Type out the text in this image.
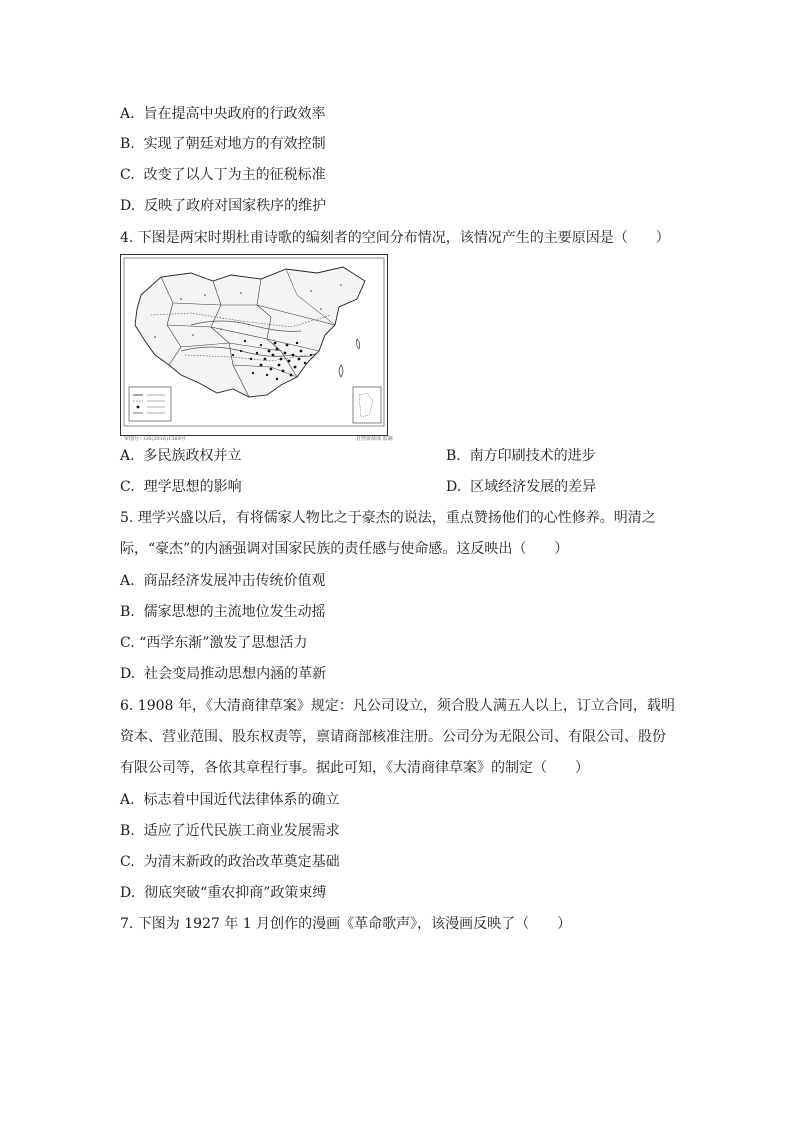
A. 旨在提高中央政府的行政效率
B. 实现了朝廷对地方的有效控制
C. 改变了以人丁为主的征税标准
D. 反映了政府对国家秩序的维护
4. 下图是两宋时期杜甫诗歌的编刻者的空间分布情况，该情况产生的主要原因是（　　）
审图号：GS(2016)1569号	自然资源部 监制
A. 多民族政权并立	B. 南方印刷技术的进步
C. 理学思想的影响	D. 区域经济发展的差异
5. 理学兴盛以后，有将儒家人物比之于豪杰的说法，重点赞扬他们的心性修养。明清之
际，“豪杰”的内涵强调对国家民族的责任感与使命感。这反映出（　　）
A. 商品经济发展冲击传统价值观
B. 儒家思想的主流地位发生动摇
C. “西学东渐”激发了思想活力
D. 社会变局推动思想内涵的革新
6. 1908 年，《大清商律草案》规定：凡公司设立，须合股人满五人以上，订立合同，载明
资本、营业范围、股东权责等，禀请商部核准注册。公司分为无限公司、有限公司、股份
有限公司等，各依其章程行事。据此可知，《大清商律草案》的制定（　　）
A. 标志着中国近代法律体系的确立
B. 适应了近代民族工商业发展需求
C. 为清末新政的政治改革奠定基础
D. 彻底突破“重农抑商”政策束缚
7. 下图为 1927 年 1 月创作的漫画《革命歌声》，该漫画反映了（　　）
